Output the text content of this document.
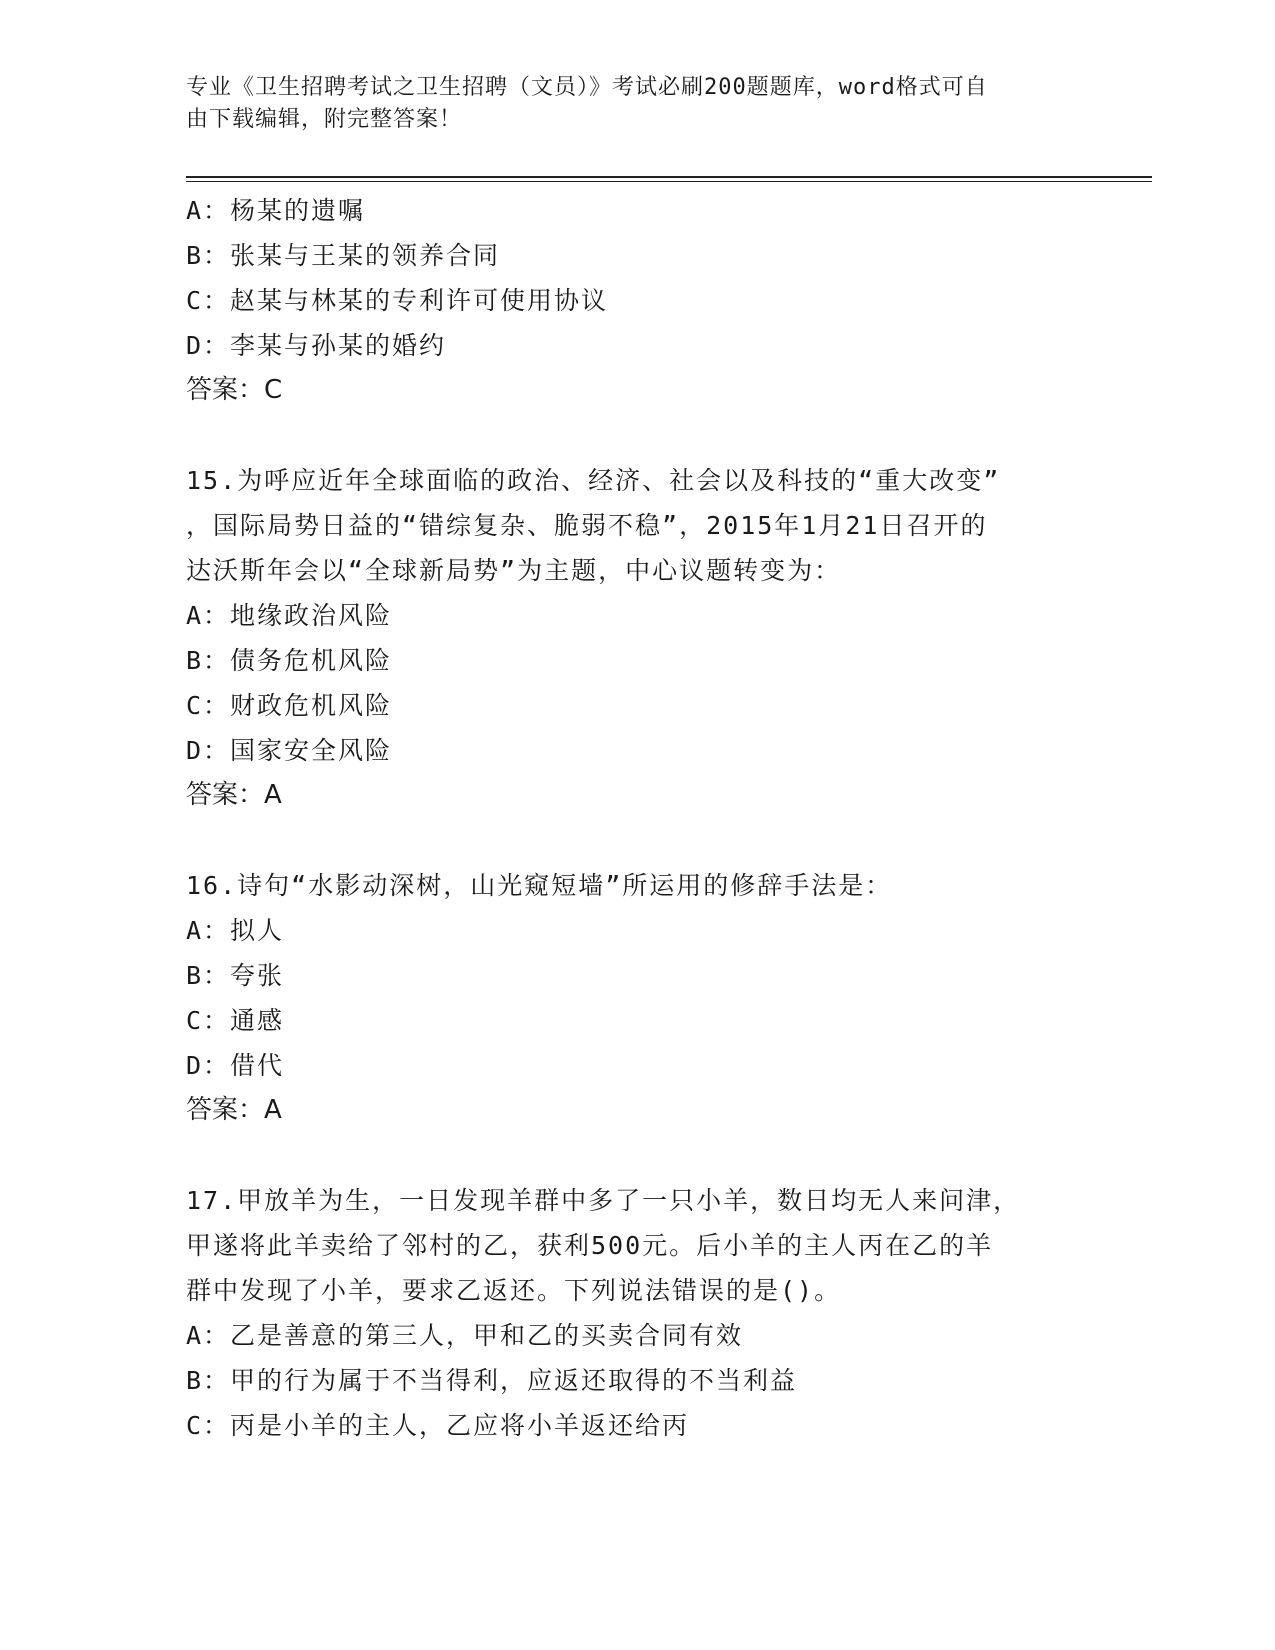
专业《卫生招聘考试之卫生招聘（文员）》考试必刷200题题库，word格式可自
由下载编辑，附完整答案！
A：杨某的遗嘱
B：张某与王某的领养合同
C：赵某与林某的专利许可使用协议
D：李某与孙某的婚约
答案：C
15.为呼应近年全球面临的政治、经济、社会以及科技的“重大改变”
，国际局势日益的“错综复杂、脆弱不稳”，2015年1月21日召开的
达沃斯年会以“全球新局势”为主题，中心议题转变为：
A：地缘政治风险
B：债务危机风险
C：财政危机风险
D：国家安全风险
答案：A
16.诗句“水影动深树，山光窥短墙”所运用的修辞手法是：
A：拟人
B：夸张
C：通感
D：借代
答案：A
17.甲放羊为生，一日发现羊群中多了一只小羊，数日均无人来问津，
甲遂将此羊卖给了邻村的乙，获利500元。后小羊的主人丙在乙的羊
群中发现了小羊，要求乙返还。下列说法错误的是()。
A：乙是善意的第三人，甲和乙的买卖合同有效
B：甲的行为属于不当得利，应返还取得的不当利益
C：丙是小羊的主人，乙应将小羊返还给丙
